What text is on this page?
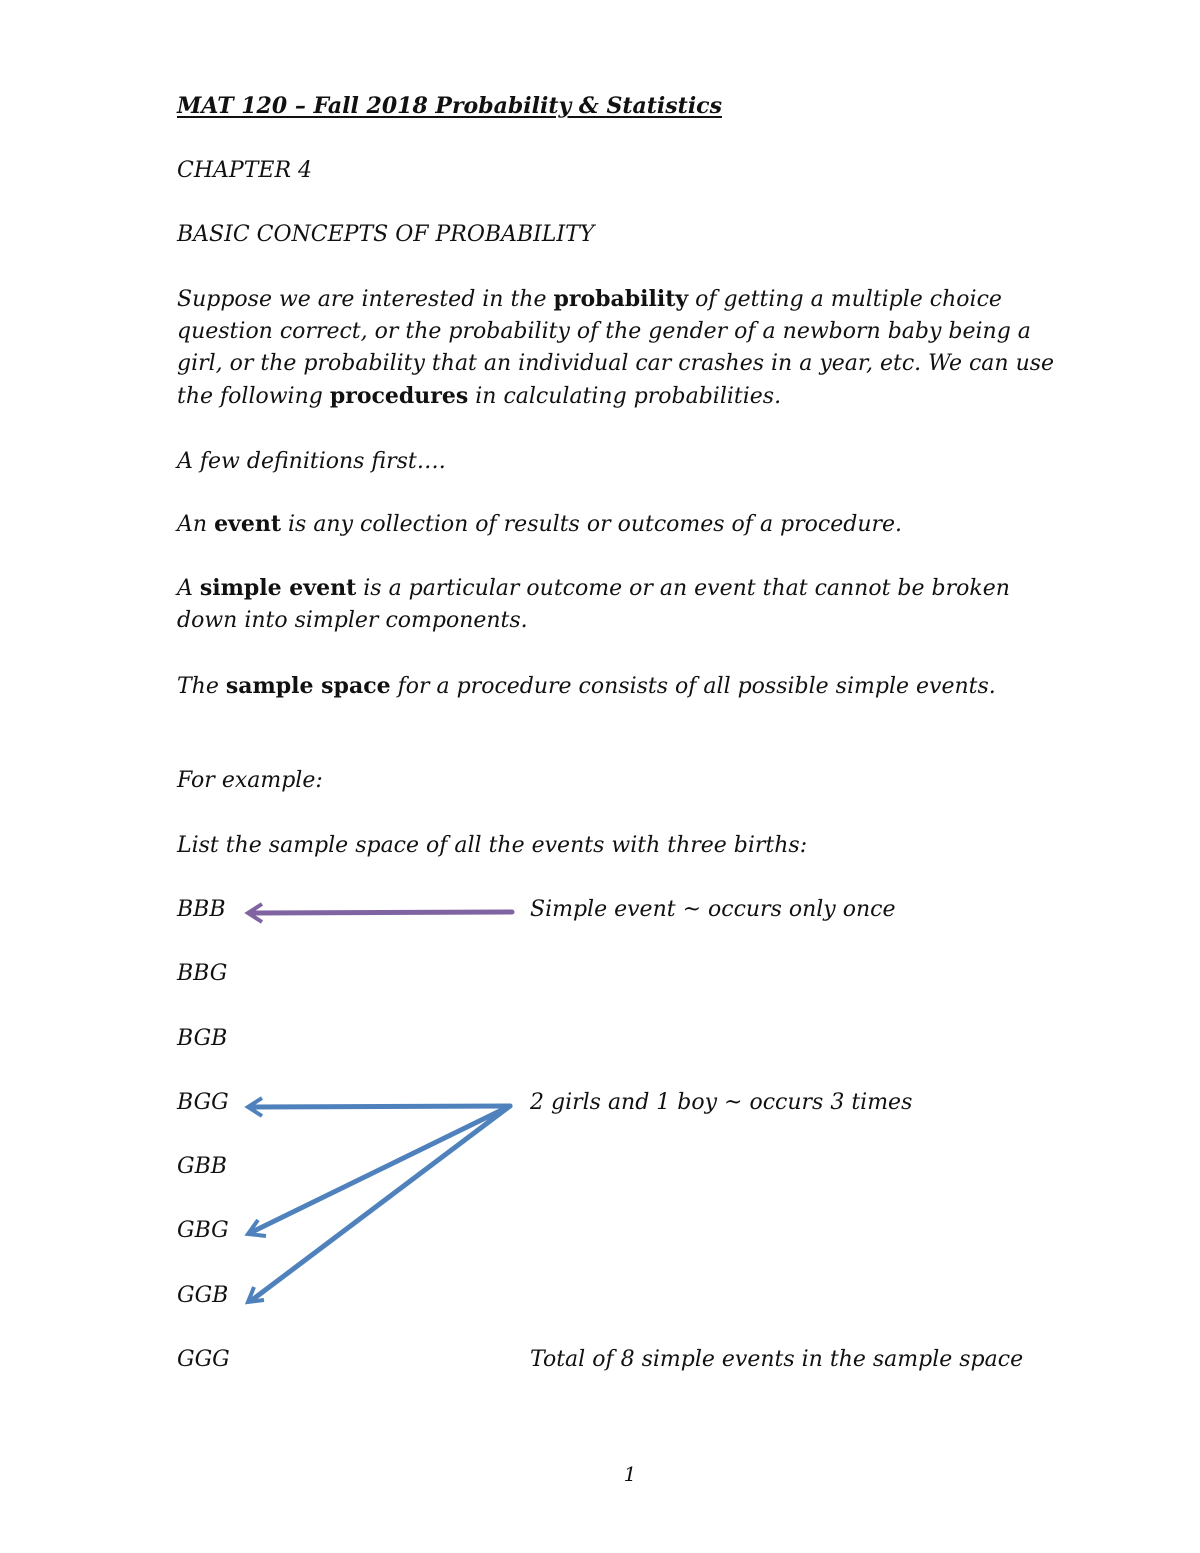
MAT 120 – Fall 2018 Probability & Statistics
CHAPTER 4
BASIC CONCEPTS OF PROBABILITY
Suppose we are interested in the probability of getting a multiple choice question correct, or the probability of the gender of a newborn baby being a girl, or the probability that an individual car crashes in a year, etc. We can use the following procedures in calculating probabilities.
A few definitions first….
An event is any collection of results or outcomes of a procedure.
A simple event is a particular outcome or an event that cannot be broken down into simpler components.
The sample space for a procedure consists of all possible simple events.
For example:
List the sample space of all the events with three births:
BBB
BBG
BGB
BGG
GBB
GBG
GGB
GGG
Simple event ~ occurs only once
2 girls and 1 boy ~ occurs 3 times
Total of 8 simple events in the sample space
1
